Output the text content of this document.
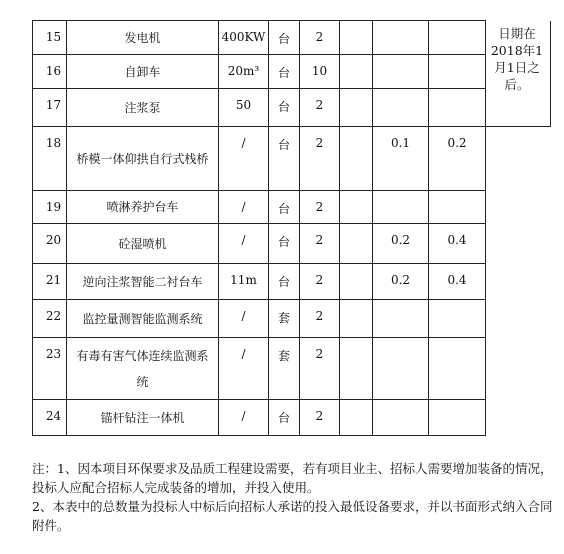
15	发电机	400KW	台	2				日期在
2018年1
月1日之
后。

16	自卸车	20m³	台	10				
17	注浆泵	50	台	2				
18	桥模一体仰拱自行式栈桥	/	台	2		0.1	0.2	
19	喷淋养护台车	/	台	2				
20	砼湿喷机	/	台	2		0.2	0.4	
21	逆向注浆智能二衬台车	11m	台	2		0.2	0.4	
22	监控量测智能监测系统	/	套	2				
23	有毒有害气体连续监测系统	/	套	2				
24	锚杆钻注一体机	/	台	2				

注：1、因本项目环保要求及品质工程建设需要，若有项目业主、招标人需要增加装备的情况，投标人应配合招标人完成装备的增加，并投入使用。

2、本表中的总数量为投标人中标后向招标人承诺的投入最低设备要求，并以书面形式纳入合同附件。
